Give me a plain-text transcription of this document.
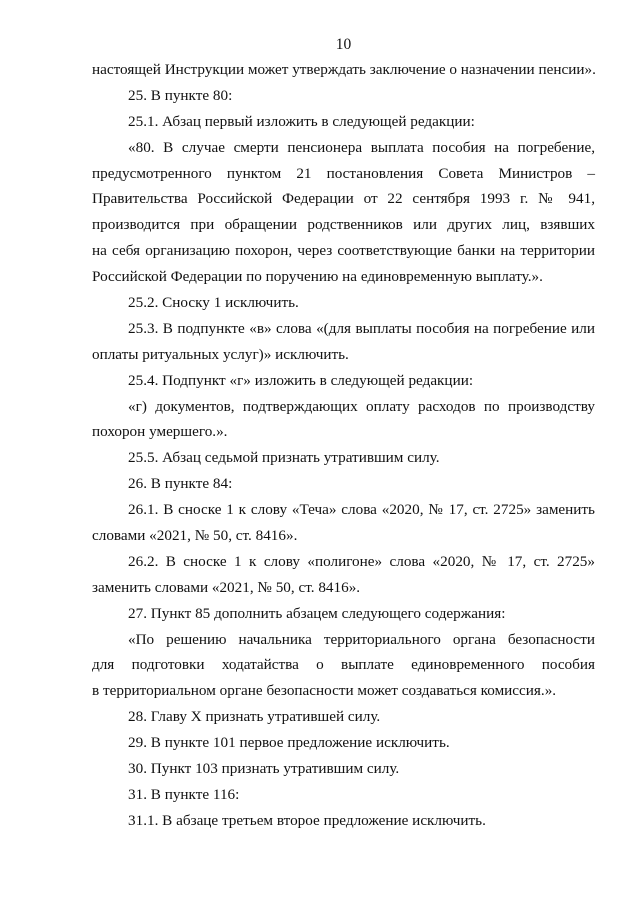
10
настоящей Инструкции может утверждать заключение о назначении пенсии».
25. В пункте 80:
25.1. Абзац первый изложить в следующей редакции:
«80. В случае смерти пенсионера выплата пособия на погребение,
предусмотренного пунктом 21 постановления Совета Министров –
Правительства Российской Федерации от 22 сентября 1993 г. № 941,
производится при обращении родственников или других лиц, взявших
на себя организацию похорон, через соответствующие банки на территории
Российской Федерации по поручению на единовременную выплату.».
25.2. Сноску 1 исключить.
25.3. В подпункте «в» слова «(для выплаты пособия на погребение или
оплаты ритуальных услуг)» исключить.
25.4. Подпункт «г» изложить в следующей редакции:
«г) документов, подтверждающих оплату расходов по производству
похорон умершего.».
25.5. Абзац седьмой признать утратившим силу.
26. В пункте 84:
26.1. В сноске 1 к слову «Теча» слова «2020, № 17, ст. 2725» заменить
словами «2021, № 50, ст. 8416».
26.2. В сноске 1 к слову «полигоне» слова «2020, № 17, ст. 2725»
заменить словами «2021, № 50, ст. 8416».
27. Пункт 85 дополнить абзацем следующего содержания:
«По решению начальника территориального органа безопасности
для подготовки ходатайства о выплате единовременного пособия
в территориальном органе безопасности может создаваться комиссия.».
28. Главу X признать утратившей силу.
29. В пункте 101 первое предложение исключить.
30. Пункт 103 признать утратившим силу.
31. В пункте 116:
31.1. В абзаце третьем второе предложение исключить.
